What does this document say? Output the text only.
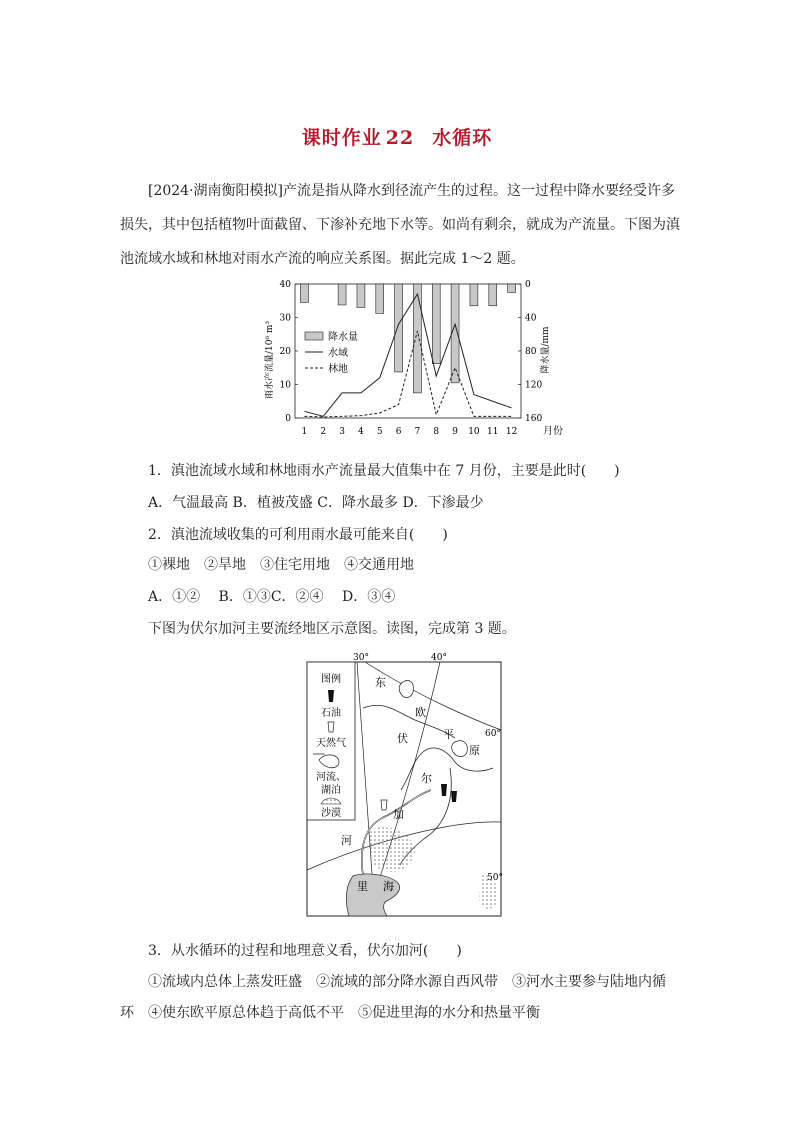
课时作业 22 水循环
[2024·湖南衡阳模拟]产流是指从降水到径流产生的过程。这一过程中降水要经受许多损失，其中包括植物叶面截留、下渗补充地下水等。如尚有剩余，就成为产流量。下图为滇池流域水域和林地对雨水产流的响应关系图。据此完成 1～2 题。
雨水产流量/10⁶ m³	降水量/mm
月份
0
10
20
30
40	0
40
80
120
160
1 2 3 4 5 6 7 8 9 10 11 12
降水量
水域
林地
1．滇池流域水域和林地雨水产流量最大值集中在 7 月份，主要是此时(　　)
A．气温最高 B．植被茂盛 C．降水最多 D．下渗最少
2．滇池流域收集的可利用雨水最可能来自(　　)
①裸地　②旱地　③住宅用地　④交通用地
A．①②　 B．①③C．②④　 D．③④
下图为伏尔加河主要流经地区示意图。读图，完成第 3 题。
图例
石油
天然气
河流、
湖泊
沙漠
30°	40°
60°
50°
东
欧
平
原
伏
尔
加
河
里 海
3．从水循环的过程和地理意义看，伏尔加河(　　)
①流域内总体上蒸发旺盛　②流域的部分降水源自西风带　③河水主要参与陆地内循
环　④使东欧平原总体趋于高低不平　⑤促进里海的水分和热量平衡
